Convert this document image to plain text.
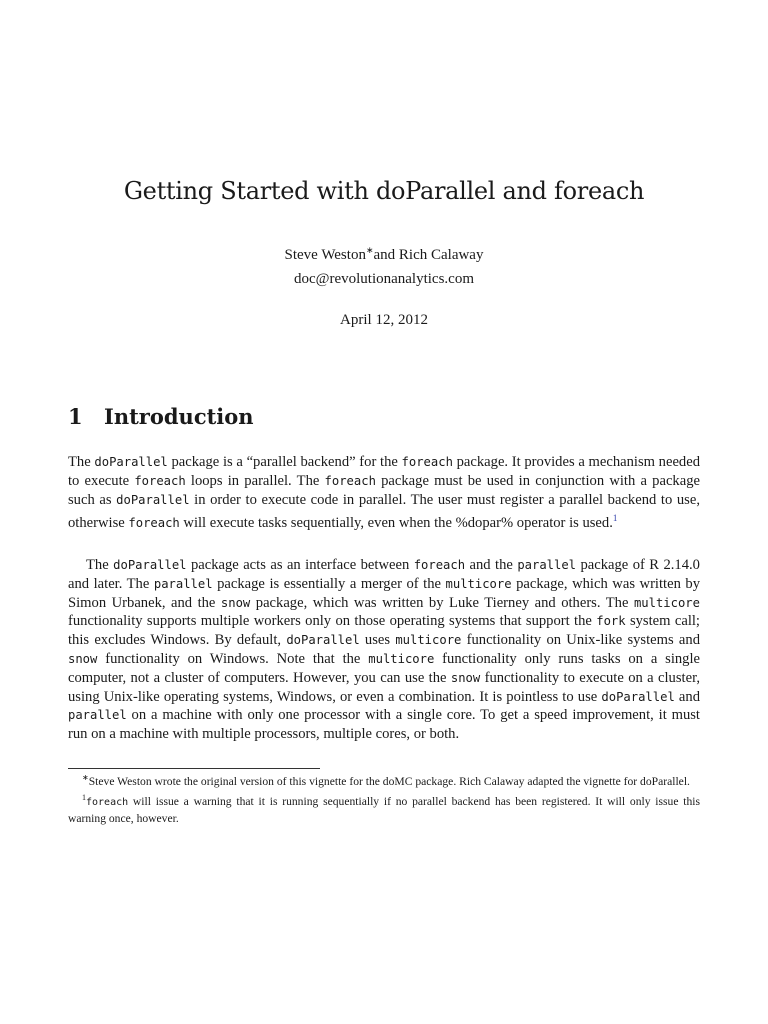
Getting Started with doParallel and foreach
Steve Weston∗and Rich Calaway
doc@revolutionanalytics.com
April 12, 2012
1 Introduction

The doParallel package is a “parallel backend” for the foreach package. It provides a mechanism needed to execute foreach loops in parallel. The foreach package must be used in conjunction with a package such as doParallel in order to execute code in parallel. The user must register a parallel backend to use, otherwise foreach will execute tasks sequentially, even when the %dopar% operator is used.$^1$

The doParallel package acts as an interface between foreach and the parallel package of R 2.14.0 and later. The parallel package is essentially a merger of the multicore package, which was written by Simon Urbanek, and the snow package, which was written by Luke Tierney and others. The multicore functionality supports multiple workers only on those operating systems that support the fork system call; this excludes Windows. By default, doParallel uses multicore functionality on Unix-like systems and snow functionality on Windows. Note that the multicore functionality only runs tasks on a single computer, not a cluster of computers. However, you can use the snow functionality to execute on a cluster, using Unix-like operating systems, Windows, or even a combination. It is pointless to use doParallel and parallel on a machine with only one processor with a single core. To get a speed improvement, it must run on a machine with multiple processors, multiple cores, or both.

∗Steve Weston wrote the original version of this vignette for the doMC package. Rich Calaway adapted the vignette for doParallel.

$^1$foreach will issue a warning that it is running sequentially if no parallel backend has been registered. It will only issue this warning once, however.
